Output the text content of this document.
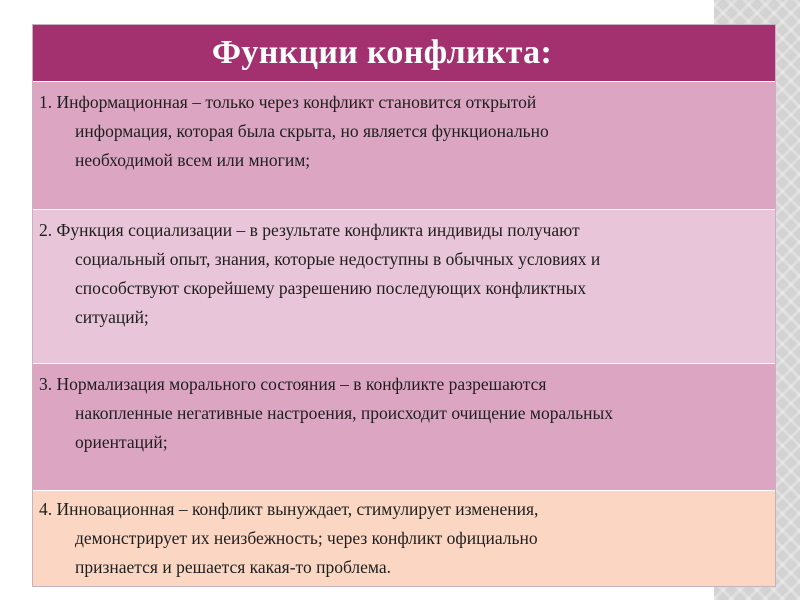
Функции конфликта:
1. Информационная – только через конфликт становится открытой
информация, которая была скрыта, но является функционально
необходимой всем или многим;
2. Функция социализации – в результате конфликта индивиды получают
социальный опыт, знания, которые недоступны в обычных условиях и
способствуют скорейшему разрешению последующих конфликтных
ситуаций;
3. Нормализация морального состояния – в конфликте разрешаются
накопленные негативные настроения, происходит очищение моральных
ориентаций;
4. Инновационная – конфликт вынуждает, стимулирует изменения,
демонстрирует их неизбежность; через конфликт официально
признается и решается какая-то проблема.
